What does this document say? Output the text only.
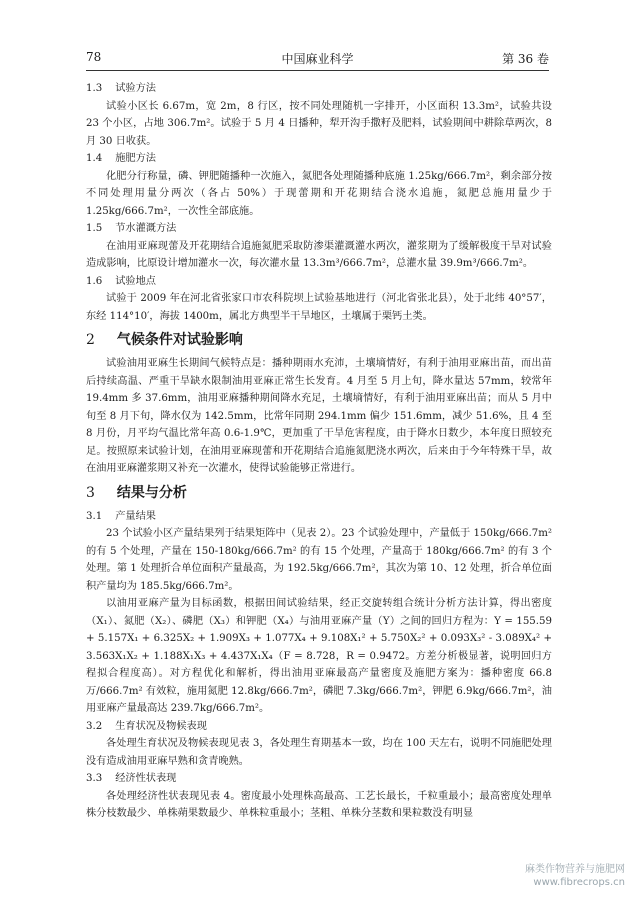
78	中国麻业科学	第 36 卷

1.3 试验方法

试验小区长 6.67m，宽 2m，8 行区，按不同处理随机一字排开，小区面积 13.3m²，试验共设 23 个小区，占地 306.7m²。试验于 5 月 4 日播种，犁开沟手撒籽及肥料，试验期间中耕除草两次，8 月 30 日收获。

1.4 施肥方法

化肥分行称量，磷、钾肥随播种一次施入，氮肥各处理随播种底施 1.25kg/666.7m²，剩余部分按不同处理用量分两次（各占 50%）于现蕾期和开花期结合浇水追施，氮肥总施用量少于 1.25kg/666.7m²，一次性全部底施。

1.5 节水灌溉方法

在油用亚麻现蕾及开花期结合追施氮肥采取防渗渠灌溉灌水两次，灌浆期为了缓解极度干旱对试验造成影响，比原设计增加灌水一次，每次灌水量 13.3m³/666.7m²，总灌水量 39.9m³/666.7m²。

1.6 试验地点

试验于 2009 年在河北省张家口市农科院坝上试验基地进行（河北省张北县），处于北纬 40°57′，东经 114°10′，海拔 1400m，属北方典型半干旱地区，土壤属于栗钙土类。

2 气候条件对试验影响

试验油用亚麻生长期间气候特点是：播种期雨水充沛，土壤墒情好，有利于油用亚麻出苗，而出苗后持续高温、严重干旱缺水限制油用亚麻正常生长发育。4 月至 5 月上旬，降水量达 57mm，较常年 19.4mm 多 37.6mm，油用亚麻播种期间降水充足，土壤墒情好，有利于油用亚麻出苗；而从 5 月中旬至 8 月下旬，降水仅为 142.5mm，比常年同期 294.1mm 偏少 151.6mm，减少 51.6%，且 4 至 8 月份，月平均气温比常年高 0.6-1.9℃，更加重了干旱危害程度，由于降水日数少，本年度日照较充足。按照原来试验计划，在油用亚麻现蕾和开花期结合追施氮肥浇水两次，后来由于今年特殊干旱，故在油用亚麻灌浆期又补充一次灌水，使得试验能够正常进行。

3 结果与分析

3.1 产量结果

23 个试验小区产量结果列于结果矩阵中（见表 2）。23 个试验处理中，产量低于 150kg/666.7m² 的有 5 个处理，产量在 150-180kg/666.7m² 的有 15 个处理，产量高于 180kg/666.7m² 的有 3 个处理。第 1 处理折合单位面积产量最高，为 192.5kg/666.7m²，其次为第 10、12 处理，折合单位面积产量均为 185.5kg/666.7m²。

以油用亚麻产量为目标函数，根据田间试验结果，经正交旋转组合统计分析方法计算，得出密度（X₁）、氮肥（X₂）、磷肥（X₃）和钾肥（X₄）与油用亚麻产量（Y）之间的回归方程为：Y = 155.59 + 5.157X₁ + 6.325X₂ + 1.909X₃ + 1.077X₄ + 9.108X₁² + 5.750X₂² + 0.093X₃² - 3.089X₄² + 3.563X₁X₂ + 1.188X₁X₃ + 4.437X₁X₄（F = 8.728，R = 0.9472。方差分析极显著，说明回归方程拟合程度高）。对方程优化和解析，得出油用亚麻最高产量密度及施肥方案为：播种密度 66.8 万/666.7m² 有效粒，施用氮肥 12.8kg/666.7m²，磷肥 7.3kg/666.7m²，钾肥 6.9kg/666.7m²，油用亚麻产量最高达 239.7kg/666.7m²。

3.2 生育状况及物候表现

各处理生育状况及物候表现见表 3，各处理生育期基本一致，均在 100 天左右，说明不同施肥处理没有造成油用亚麻早熟和贪青晚熟。

3.3 经济性状表现

各处理经济性状表现见表 4。密度最小处理株高最高、工艺长最长，千粒重最小；最高密度处理单株分枝数最少、单株蒴果数最少、单株粒重最小；茎粗、单株分茎数和果粒数没有明显

麻类作物营养与施肥网
www.fibrecrops.cn
